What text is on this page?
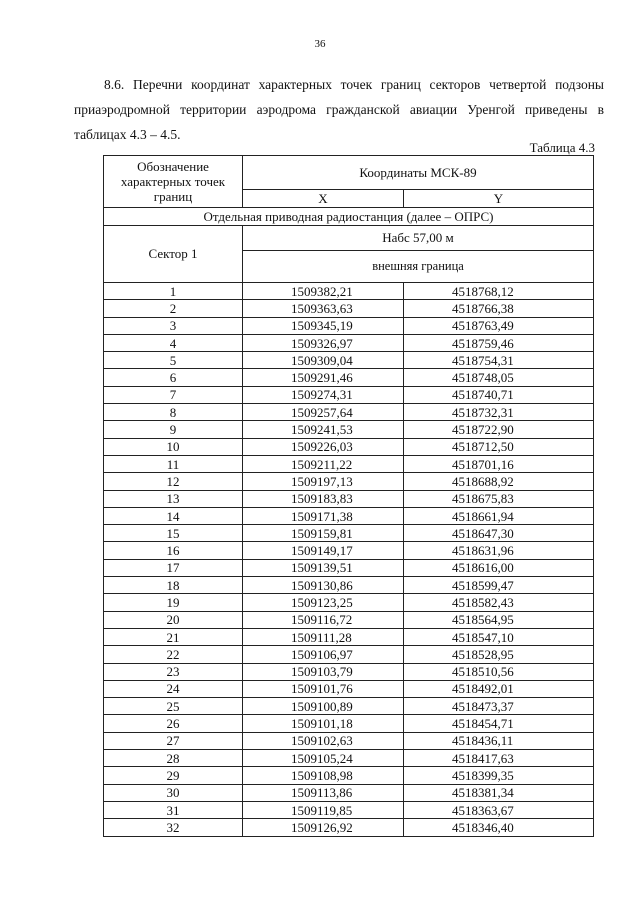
36

8.6. Перечни координат характерных точек границ секторов четвертой подзоны приаэродромной территории аэродрома гражданской авиации Уренгой приведены в таблицах 4.3 – 4.5.

Таблица 4.3
Обозначение характерных точек границ	Координаты МСК-89	
	X	Y
Отдельная приводная радиостанция (далее – ОПРС)		
Сектор 1	Набс 57,00 м	
	внешняя граница	
1	1509382,21	4518768,12
2	1509363,63	4518766,38
3	1509345,19	4518763,49
4	1509326,97	4518759,46
5	1509309,04	4518754,31
6	1509291,46	4518748,05
7	1509274,31	4518740,71
8	1509257,64	4518732,31
9	1509241,53	4518722,90
10	1509226,03	4518712,50
11	1509211,22	4518701,16
12	1509197,13	4518688,92
13	1509183,83	4518675,83
14	1509171,38	4518661,94
15	1509159,81	4518647,30
16	1509149,17	4518631,96
17	1509139,51	4518616,00
18	1509130,86	4518599,47
19	1509123,25	4518582,43
20	1509116,72	4518564,95
21	1509111,28	4518547,10
22	1509106,97	4518528,95
23	1509103,79	4518510,56
24	1509101,76	4518492,01
25	1509100,89	4518473,37
26	1509101,18	4518454,71
27	1509102,63	4518436,11
28	1509105,24	4518417,63
29	1509108,98	4518399,35
30	1509113,86	4518381,34
31	1509119,85	4518363,67
32	1509126,92	4518346,40
